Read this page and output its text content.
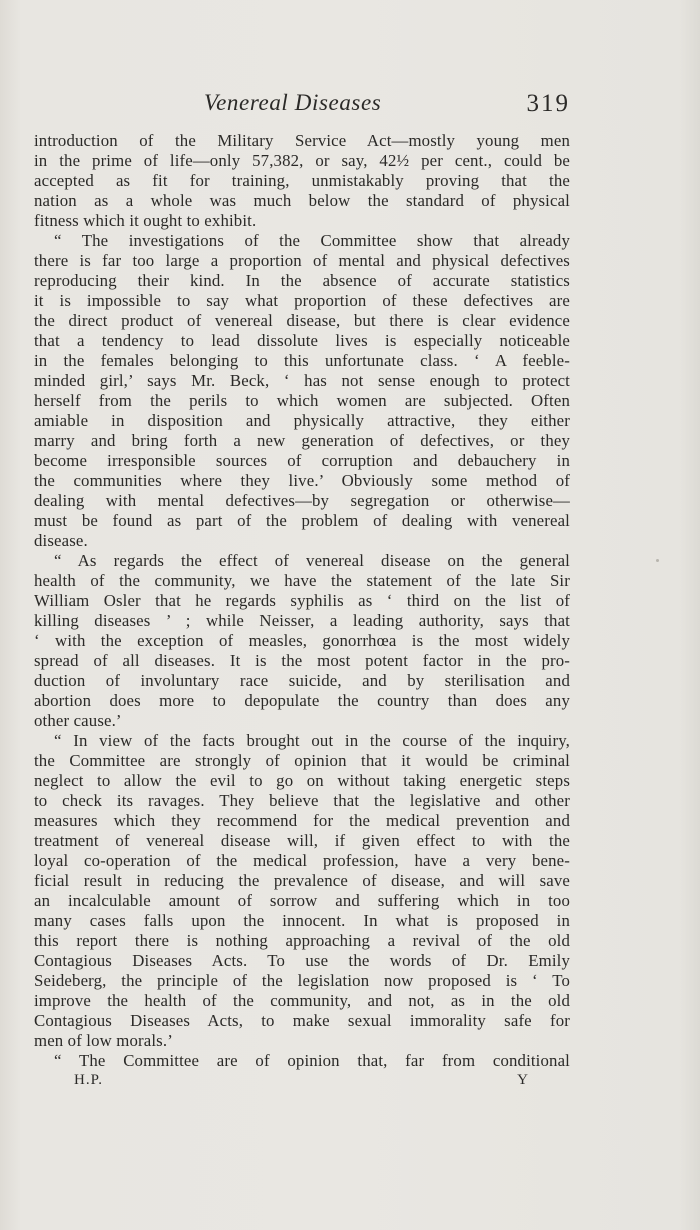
Venereal Diseases	319
introduction of the Military Service Act—mostly young men
in the prime of life—only 57,382, or say, 42½ per cent., could be
accepted as fit for training, unmistakably proving that the
nation as a whole was much below the standard of physical
fitness which it ought to exhibit.
“ The investigations of the Committee show that already
there is far too large a proportion of mental and physical defectives
reproducing their kind. In the absence of accurate statistics
it is impossible to say what proportion of these defectives are
the direct product of venereal disease, but there is clear evidence
that a tendency to lead dissolute lives is especially noticeable
in the females belonging to this unfortunate class. ‘ A feeble-
minded girl,’ says Mr. Beck, ‘ has not sense enough to protect
herself from the perils to which women are subjected. Often
amiable in disposition and physically attractive, they either
marry and bring forth a new generation of defectives, or they
become irresponsible sources of corruption and debauchery in
the communities where they live.’ Obviously some method of
dealing with mental defectives—by segregation or otherwise—
must be found as part of the problem of dealing with venereal
disease.
“ As regards the effect of venereal disease on the general
health of the community, we have the statement of the late Sir
William Osler that he regards syphilis as ‘ third on the list of
killing diseases ’ ; while Neisser, a leading authority, says that
‘ with the exception of measles, gonorrhœa is the most widely
spread of all diseases. It is the most potent factor in the pro-
duction of involuntary race suicide, and by sterilisation and
abortion does more to depopulate the country than does any
other cause.’
“ In view of the facts brought out in the course of the inquiry,
the Committee are strongly of opinion that it would be criminal
neglect to allow the evil to go on without taking energetic steps
to check its ravages. They believe that the legislative and other
measures which they recommend for the medical prevention and
treatment of venereal disease will, if given effect to with the
loyal co-operation of the medical profession, have a very bene-
ficial result in reducing the prevalence of disease, and will save
an incalculable amount of sorrow and suffering which in too
many cases falls upon the innocent. In what is proposed in
this report there is nothing approaching a revival of the old
Contagious Diseases Acts. To use the words of Dr. Emily
Seideberg, the principle of the legislation now proposed is ‘ To
improve the health of the community, and not, as in the old
Contagious Diseases Acts, to make sexual immorality safe for
men of low morals.’
“ The Committee are of opinion that, far from conditional
H.P.	Y
